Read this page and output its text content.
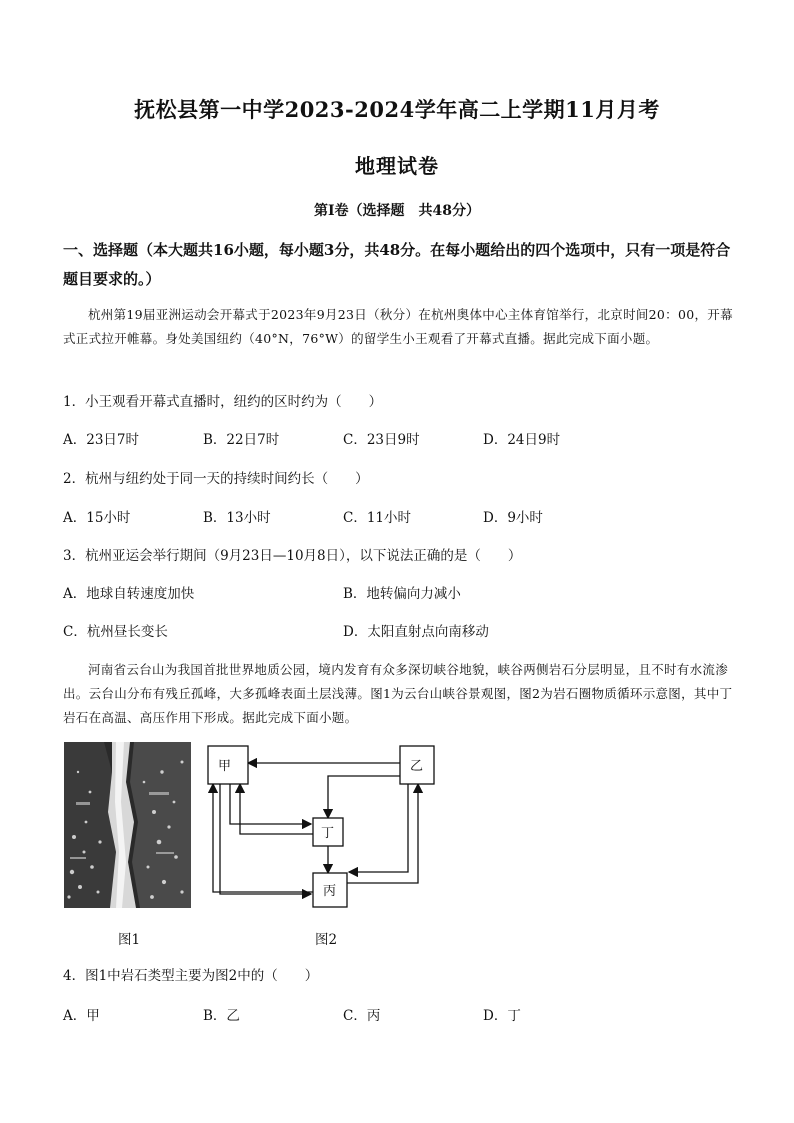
抚松县第一中学2023-2024学年高二上学期11月月考
地理试卷
第Ⅰ卷（选择题　共48分）
一、选择题（本大题共16小题，每小题3分，共48分。在每小题给出的四个选项中，只有一项是符合题目要求的。）
杭州第19届亚洲运动会开幕式于2023年9月23日（秋分）在杭州奥体中心主体育馆举行，北京时间20：00，开幕式正式拉开帷幕。身处美国纽约（40°N，76°W）的留学生小王观看了开幕式直播。据此完成下面小题。
1．小王观看开幕式直播时，纽约的区时约为（　　）
A．23日7时	B．22日7时	C．23日9时	D．24日9时
2．杭州与纽约处于同一天的持续时间约长（　　）
A．15小时	B．13小时	C．11小时	D．9小时
3．杭州亚运会举行期间（9月23日—10月8日），以下说法正确的是（　　）
A．地球自转速度加快	B．地转偏向力减小
C．杭州昼长变长	D．太阳直射点向南移动
河南省云台山为我国首批世界地质公园，境内发育有众多深切峡谷地貌，峡谷两侧岩石分层明显，且不时有水流渗出。云台山分布有残丘孤峰，大多孤峰表面土层浅薄。图1为云台山峡谷景观图，图2为岩石圈物质循环示意图，其中丁岩石在高温、高压作用下形成。据此完成下面小题。
甲	乙
丁
丙
图1	图2
4．图1中岩石类型主要为图2中的（　　）
A．甲	B．乙	C．丙	D．丁
